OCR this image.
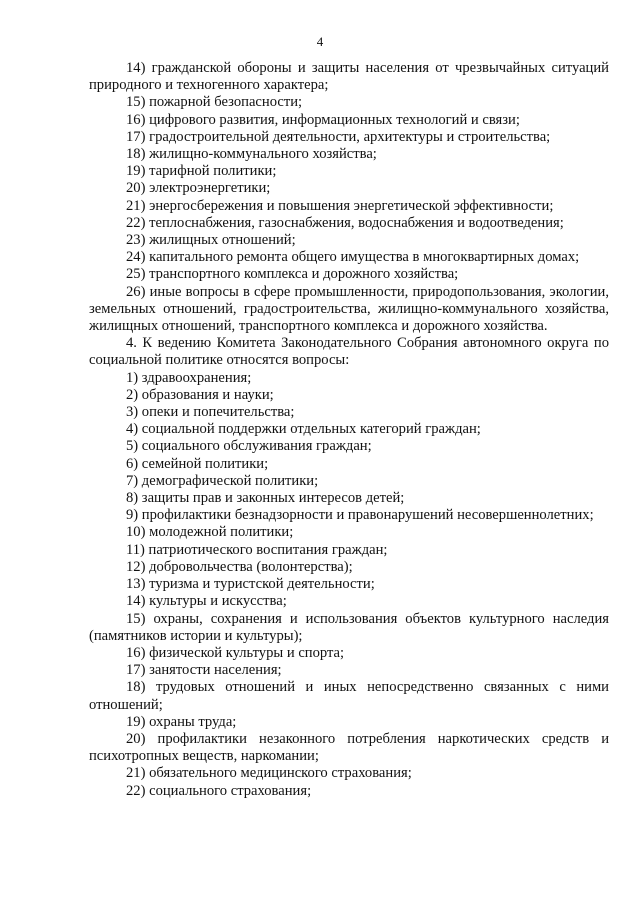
4

14) гражданской обороны и защиты населения от чрезвычайных ситуаций природного и техногенного характера;

15) пожарной безопасности;

16) цифрового развития, информационных технологий и связи;

17) градостроительной деятельности, архитектуры и строительства;

18) жилищно-коммунального хозяйства;

19) тарифной политики;

20) электроэнергетики;

21) энергосбережения и повышения энергетической эффективности;

22) теплоснабжения, газоснабжения, водоснабжения и водоотведения;

23) жилищных отношений;

24) капитального ремонта общего имущества в многоквартирных домах;

25) транспортного комплекса и дорожного хозяйства;

26) иные вопросы в сфере промышленности, природопользования, экологии, земельных отношений, градостроительства, жилищно-коммунального хозяйства, жилищных отношений, транспортного комплекса и дорожного хозяйства.

4. К ведению Комитета Законодательного Собрания автономного округа по социальной политике относятся вопросы:

1) здравоохранения;

2) образования и науки;

3) опеки и попечительства;

4) социальной поддержки отдельных категорий граждан;

5) социального обслуживания граждан;

6) семейной политики;

7) демографической политики;

8) защиты прав и законных интересов детей;

9) профилактики безнадзорности и правонарушений несовершеннолетних;

10) молодежной политики;

11) патриотического воспитания граждан;

12) добровольчества (волонтерства);

13) туризма и туристской деятельности;

14) культуры и искусства;

15) охраны, сохранения и использования объектов культурного наследия (памятников истории и культуры);

16) физической культуры и спорта;

17) занятости населения;

18) трудовых отношений и иных непосредственно связанных с ними отношений;

19) охраны труда;

20) профилактики незаконного потребления наркотических средств и психотропных веществ, наркомании;

21) обязательного медицинского страхования;

22) социального страхования;
